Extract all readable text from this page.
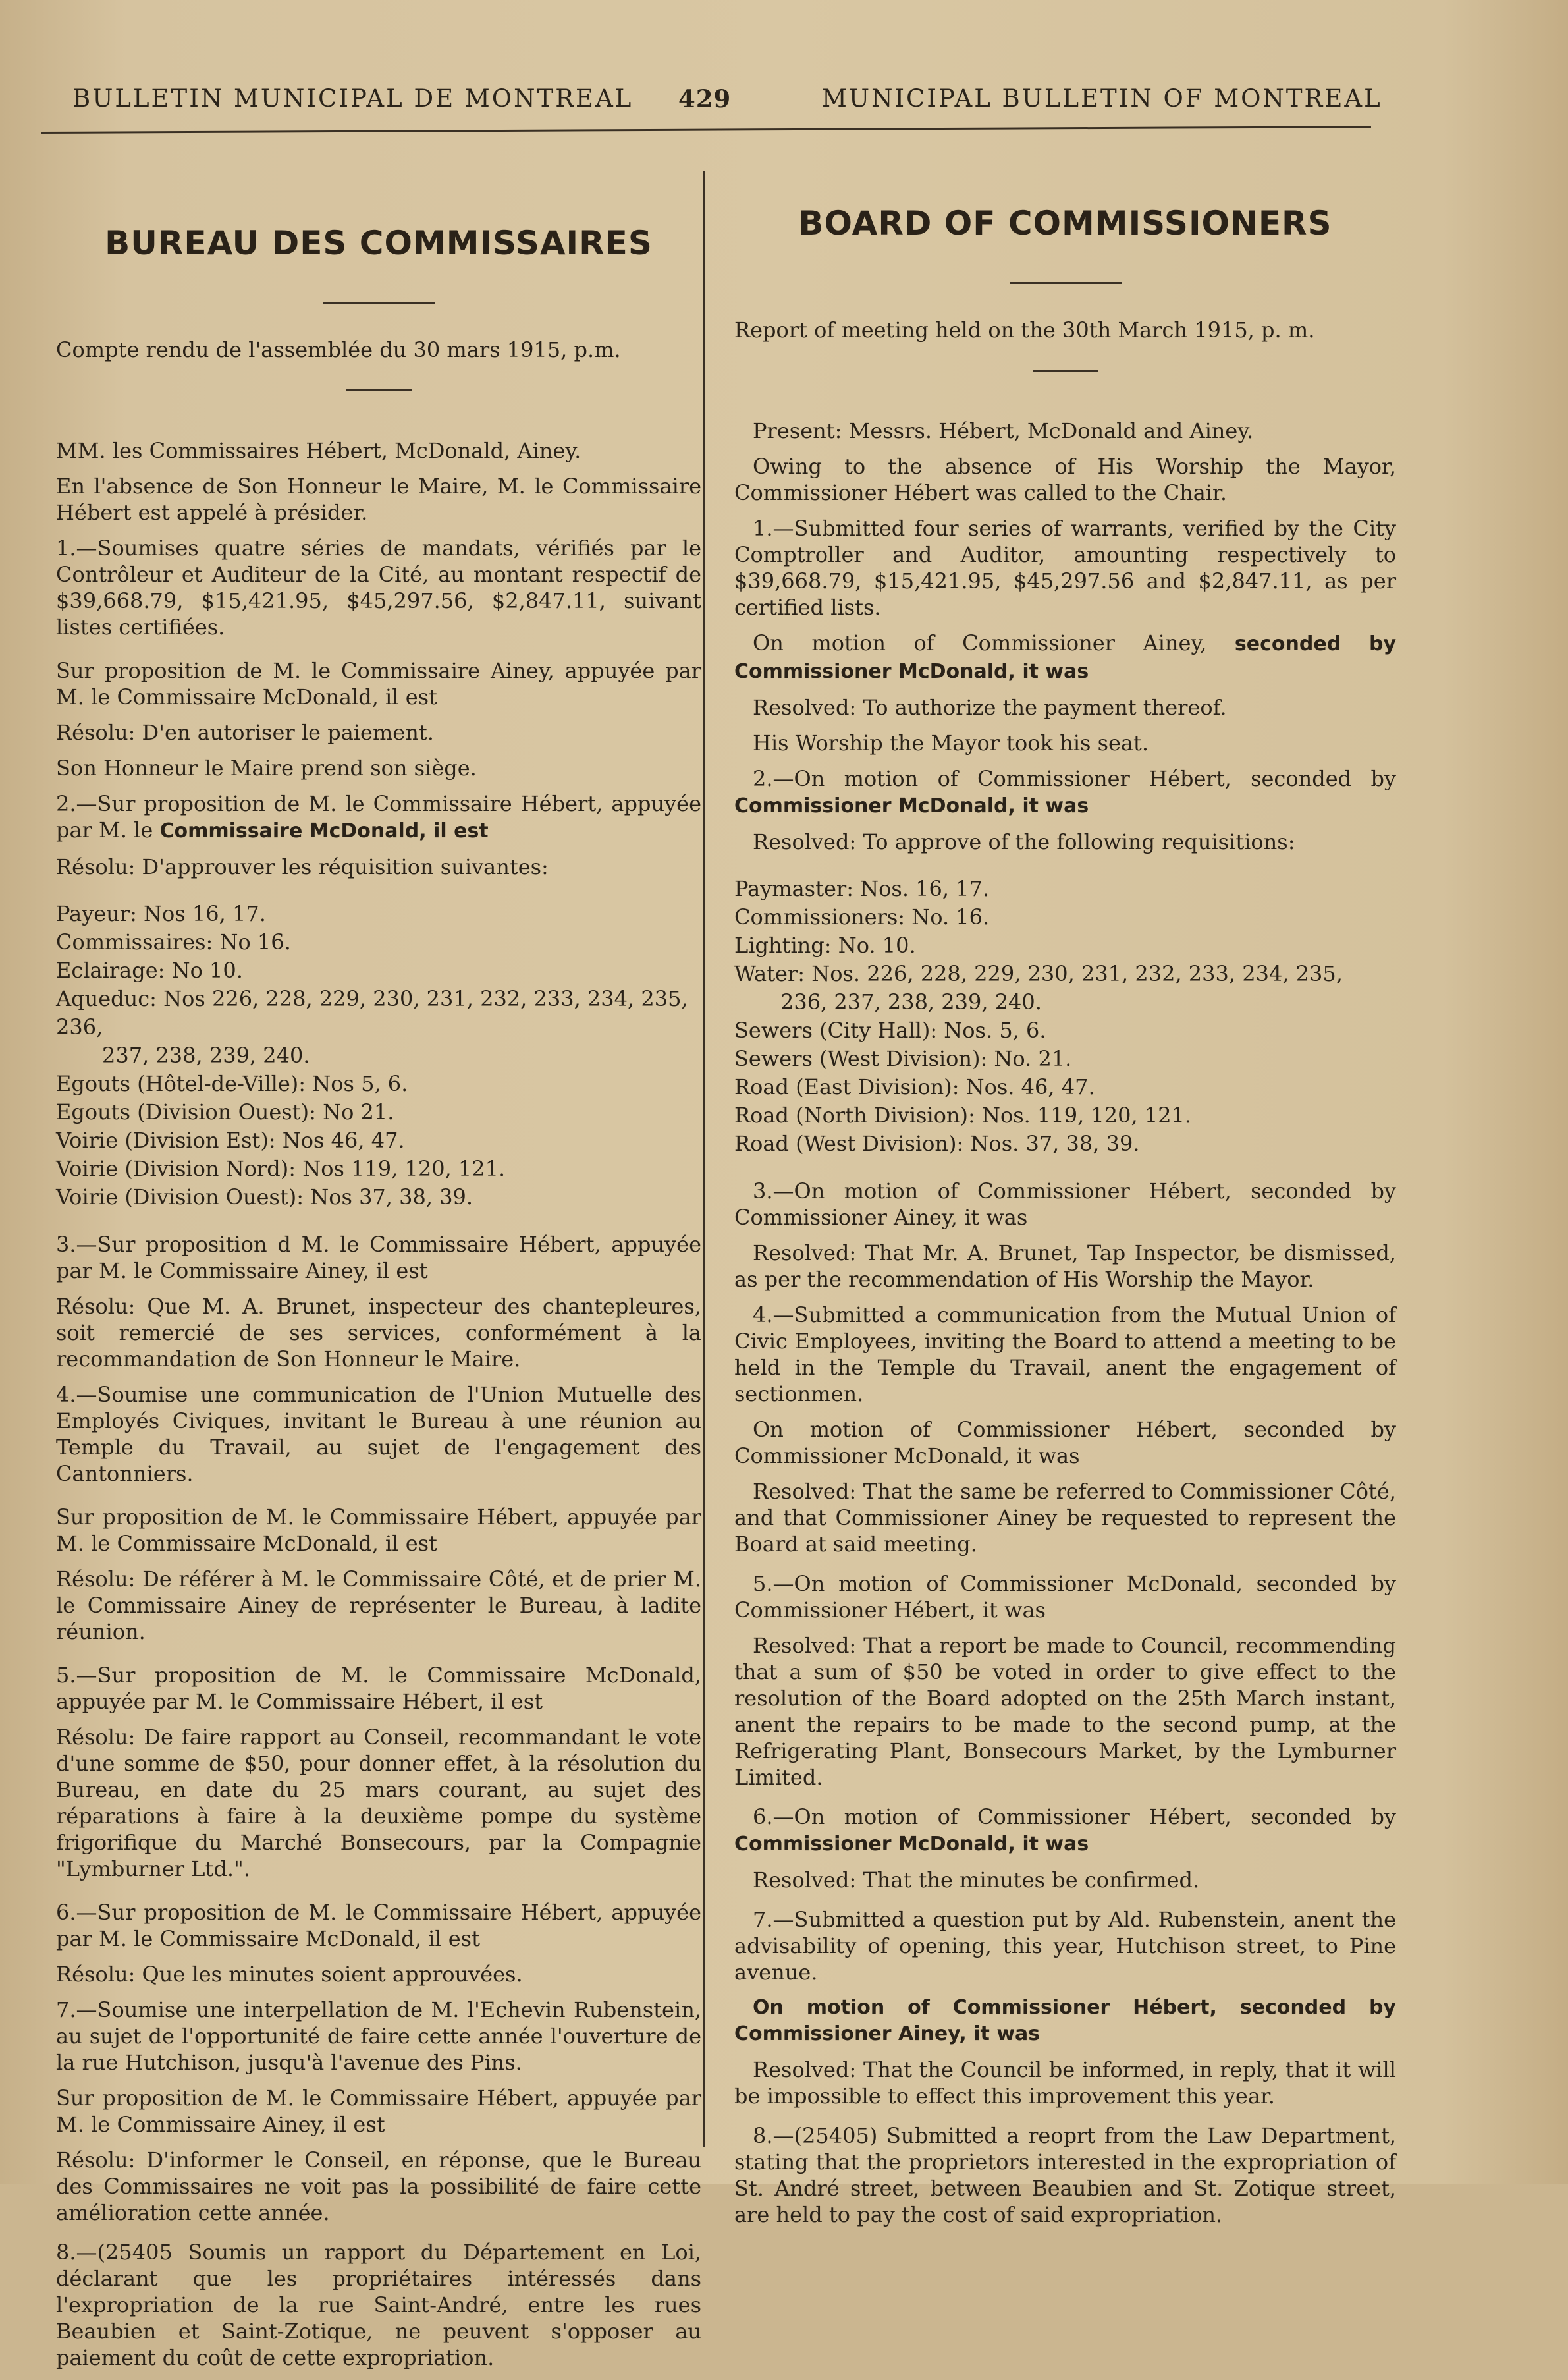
BULLETIN MUNICIPAL DE MONTREAL 429	MUNICIPAL BULLETIN OF MONTREAL
BUREAU DES COMMISSAIRES

Compte rendu de l'assemblée du 30 mars 1915, p.m.

MM. les Commissaires Hébert, McDonald, Ainey.

En l'absence de Son Honneur le Maire, M. le Commissaire Hébert est appelé à présider.

1.—Soumises quatre séries de mandats, vérifiés par le Contrôleur et Auditeur de la Cité, au montant respectif de $39,668.79, $15,421.95, $45,297.56, $2,847.11, suivant listes certifiées.

Sur proposition de M. le Commissaire Ainey, appuyée par M. le Commissaire McDonald, il est

Résolu: D'en autoriser le paiement.

Son Honneur le Maire prend son siège.

2.—Sur proposition de M. le Commissaire Hébert, appuyée par M. le Commissaire McDonald, il est

Résolu: D'approuver les réquisition suivantes:

Payeur: Nos 16, 17.
Commissaires: No 16.
Eclairage: No 10.
Aqueduc: Nos 226, 228, 229, 230, 231, 232, 233, 234, 235, 236,
237, 238, 239, 240.
Egouts (Hôtel-de-Ville): Nos 5, 6.
Egouts (Division Ouest): No 21.
Voirie (Division Est): Nos 46, 47.
Voirie (Division Nord): Nos 119, 120, 121.
Voirie (Division Ouest): Nos 37, 38, 39.

3.—Sur proposition d M. le Commissaire Hébert, appuyée par M. le Commissaire Ainey, il est

Résolu: Que M. A. Brunet, inspecteur des chantepleures, soit remercié de ses services, conformément à la recommandation de Son Honneur le Maire.

4.—Soumise une communication de l'Union Mutuelle des Employés Civiques, invitant le Bureau à une réunion au Temple du Travail, au sujet de l'engagement des Cantonniers.

Sur proposition de M. le Commissaire Hébert, appuyée par M. le Commissaire McDonald, il est

Résolu: De référer à M. le Commissaire Côté, et de prier M. le Commissaire Ainey de représenter le Bureau, à ladite réunion.

5.—Sur proposition de M. le Commissaire McDonald, appuyée par M. le Commissaire Hébert, il est

Résolu: De faire rapport au Conseil, recommandant le vote d'une somme de $50, pour donner effet, à la résolution du Bureau, en date du 25 mars courant, au sujet des réparations à faire à la deuxième pompe du système frigorifique du Marché Bonsecours, par la Compagnie "Lymburner Ltd.".

6.—Sur proposition de M. le Commissaire Hébert, appuyée par M. le Commissaire McDonald, il est

Résolu: Que les minutes soient approuvées.

7.—Soumise une interpellation de M. l'Echevin Rubenstein, au sujet de l'opportunité de faire cette année l'ouverture de la rue Hutchison, jusqu'à l'avenue des Pins.

Sur proposition de M. le Commissaire Hébert, appuyée par M. le Commissaire Ainey, il est

Résolu: D'informer le Conseil, en réponse, que le Bureau des Commissaires ne voit pas la possibilité de faire cette amélioration cette année.

8.—(25405 Soumis un rapport du Département en Loi, déclarant que les propriétaires intéressés dans l'expropriation de la rue Saint-André, entre les rues Beaubien et Saint-Zotique, ne peuvent s'opposer au paiement du coût de cette expropriation.

BOARD OF COMMISSIONERS

Report of meeting held on the 30th March 1915, p. m.

Present: Messrs. Hébert, McDonald and Ainey.

Owing to the absence of His Worship the Mayor, Commissioner Hébert was called to the Chair.

1.—Submitted four series of warrants, verified by the City Comptroller and Auditor, amounting respectively to $39,668.79, $15,421.95, $45,297.56 and $2,847.11, as per certified lists.

On motion of Commissioner Ainey, seconded by Commissioner McDonald, it was

Resolved: To authorize the payment thereof.

His Worship the Mayor took his seat.

2.—On motion of Commissioner Hébert, seconded by Commissioner McDonald, it was

Resolved: To approve of the following requisitions:

Paymaster: Nos. 16, 17.
Commissioners: No. 16.
Lighting: No. 10.
Water: Nos. 226, 228, 229, 230, 231, 232, 233, 234, 235,
236, 237, 238, 239, 240.
Sewers (City Hall): Nos. 5, 6.
Sewers (West Division): No. 21.
Road (East Division): Nos. 46, 47.
Road (North Division): Nos. 119, 120, 121.
Road (West Division): Nos. 37, 38, 39.

3.—On motion of Commissioner Hébert, seconded by Commissioner Ainey, it was

Resolved: That Mr. A. Brunet, Tap Inspector, be dismissed, as per the recommendation of His Worship the Mayor.

4.—Submitted a communication from the Mutual Union of Civic Employees, inviting the Board to attend a meeting to be held in the Temple du Travail, anent the engagement of sectionmen.

On motion of Commissioner Hébert, seconded by Commissioner McDonald, it was

Resolved: That the same be referred to Commissioner Côté, and that Commissioner Ainey be requested to represent the Board at said meeting.

5.—On motion of Commissioner McDonald, seconded by Commissioner Hébert, it was

Resolved: That a report be made to Council, recommending that a sum of $50 be voted in order to give effect to the resolution of the Board adopted on the 25th March instant, anent the repairs to be made to the second pump, at the Refrigerating Plant, Bonsecours Market, by the Lymburner Limited.

6.—On motion of Commissioner Hébert, seconded by Commissioner McDonald, it was

Resolved: That the minutes be confirmed.

7.—Submitted a question put by Ald. Rubenstein, anent the advisability of opening, this year, Hutchison street, to Pine avenue.

On motion of Commissioner Hébert, seconded by Commissioner Ainey, it was

Resolved: That the Council be informed, in reply, that it will be impossible to effect this improvement this year.

8.—(25405) Submitted a reoprt from the Law Department, stating that the proprietors interested in the expropriation of St. André street, between Beaubien and St. Zotique street, are held to pay the cost of said expropriation.
